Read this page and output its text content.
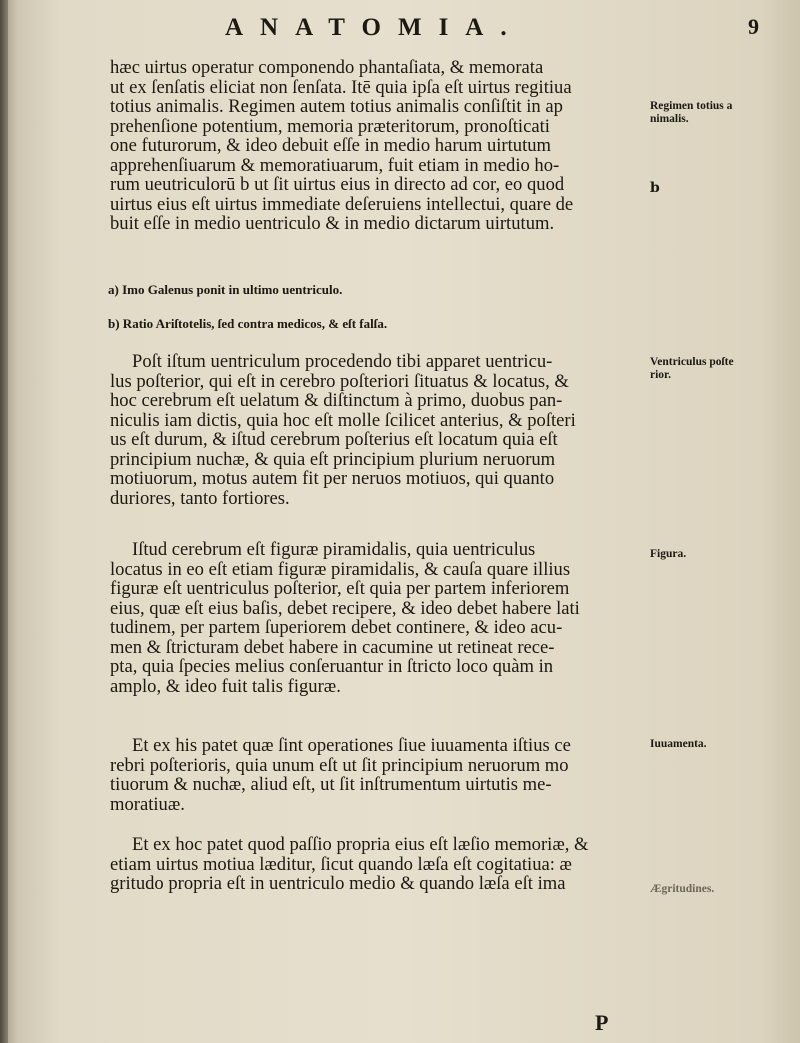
ANATOMIA.	9
hæc uirtus operatur componendo phantaſiata, & memorata
ut ex ſenſatis eliciat non ſenſata. Itē quia ipſa eſt uirtus regitiua
totius animalis. Regimen autem totius animalis conſiſtit in ap
prehenſione potentium, memoria præteritorum, pronoſticati
one futurorum, & ideo debuit eſſe in medio harum uirtutum
apprehenſiuarum & memoratiuarum, fuit etiam in medio ho-
rum ueutriculorū b ut ſit uirtus eius in directo ad cor, eo quod
uirtus eius eſt uirtus immediate deſeruiens intellectui, quare de
buit eſſe in medio uentriculo & in medio dictarum uirtutum.
a) Imo Galenus ponit in ultimo uentriculo.
b) Ratio Ariſtotelis, ſed contra medicos, & eſt falſa.
Poſt iſtum uentriculum procedendo tibi apparet uentricu-
lus poſterior, qui eſt in cerebro poſteriori ſituatus & locatus, &
hoc cerebrum eſt uelatum & diſtinctum à primo, duobus pan-
niculis iam dictis, quia hoc eſt molle ſcilicet anterius, & poſteri
us eſt durum, & iſtud cerebrum poſterius eſt locatum quia eſt
principium nuchæ, & quia eſt principium plurium neruorum
motiuorum, motus autem fit per neruos motiuos, qui quanto
duriores, tanto fortiores.
Iſtud cerebrum eſt figuræ piramidalis, quia uentriculus
locatus in eo eſt etiam figuræ piramidalis, & cauſa quare illius
figuræ eſt uentriculus poſterior, eſt quia per partem inferiorem
eius, quæ eſt eius baſis, debet recipere, & ideo debet habere lati
tudinem, per partem ſuperiorem debet continere, & ideo acu-
men & ſtricturam debet habere in cacumine ut retineat rece-
pta, quia ſpecies melius conſeruantur in ſtricto loco quàm in
amplo, & ideo fuit talis figuræ.
Et ex his patet quæ ſint operationes ſiue iuuamenta iſtius ce
rebri poſterioris, quia unum eſt ut ſit principium neruorum mo
tiuorum & nuchæ, aliud eſt, ut ſit inſtrumentum uirtutis me-
moratiuæ.
Et ex hoc patet quod paſſio propria eius eſt læſio memoriæ, &
etiam uirtus motiua læditur, ſicut quando læſa eſt cogitatiua: æ
gritudo propria eſt in uentriculo medio & quando læſa eſt ima
Regimen totius a
nimalis.
b
Ventriculus poſte
rior.
Figura.
Iuuamenta.
Ægritudines.
P
